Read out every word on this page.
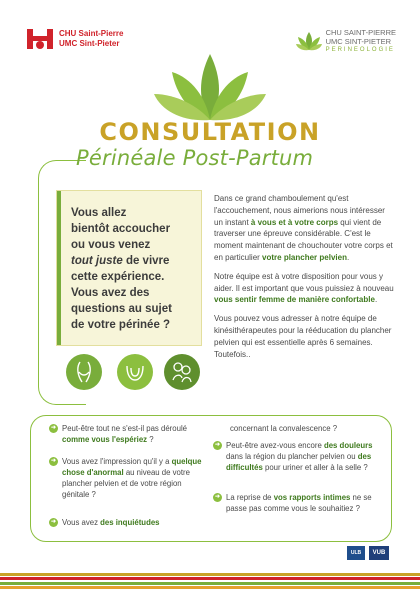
CHU Saint-Pierre
UMC Sint-Pieter
CHU SAINT-PIERRE
UMC SINT-PIETER
PERINEOLOGIE
CONSULTATION
Périnéale Post-Partum
Vous allez
bientôt accoucher
ou vous venez
tout juste de vivre
cette expérience.
Vous avez des
questions au sujet
de votre périnée ?

Dans ce grand chamboulement qu'est l'accouchement, nous aimerions nous intéresser un instant à vous et à votre corps qui vient de traverser une épreuve considérable. C'est le moment maintenant de chouchouter votre corps et en particulier votre plancher pelvien.

Notre équipe est à votre disposition pour vous y aider. Il est important que vous puissiez à nouveau vous sentir femme de manière confortable.

Vous pouvez vous adresser à notre équipe de kinésithérapeutes pour la rééducation du plancher pelvien qui est essentielle après 6 semaines. Toutefois..

➜ Peut-être tout ne s'est-il pas déroulé comme vous l'espériez ?
➜ Vous avez l'impression qu'il y a quelque chose d'anormal au niveau de votre plancher pelvien et de votre région génitale ?
➜ Vous avez des inquiétudes
concernant la convalescence ?
➜ Peut-être avez-vous encore des douleurs dans la région du plancher pelvien ou des difficultés pour uriner et aller à la selle ?
➜ La reprise de vos rapports intimes ne se passe pas comme vous le souhaitiez ?
ULB	VUB
